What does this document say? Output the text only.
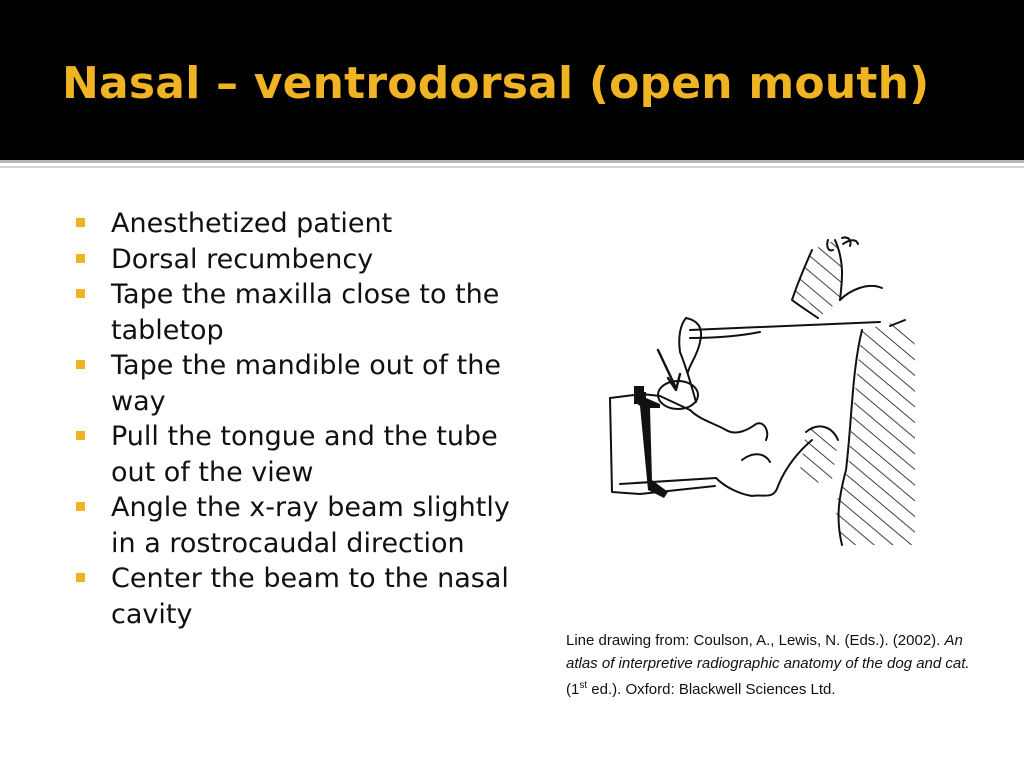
Nasal – ventrodorsal (open mouth)
Anesthetized patient
Dorsal recumbency
Tape the maxilla close to the tabletop
Tape the mandible out of the way
Pull the tongue and the tube out of the view
Angle the x-ray beam slightly in a rostrocaudal direction
Center the beam to the nasal cavity
Line drawing from: Coulson, A., Lewis, N. (Eds.). (2002). An atlas of interpretive radiographic anatomy of the dog and cat. (1st ed.). Oxford: Blackwell Sciences Ltd.
